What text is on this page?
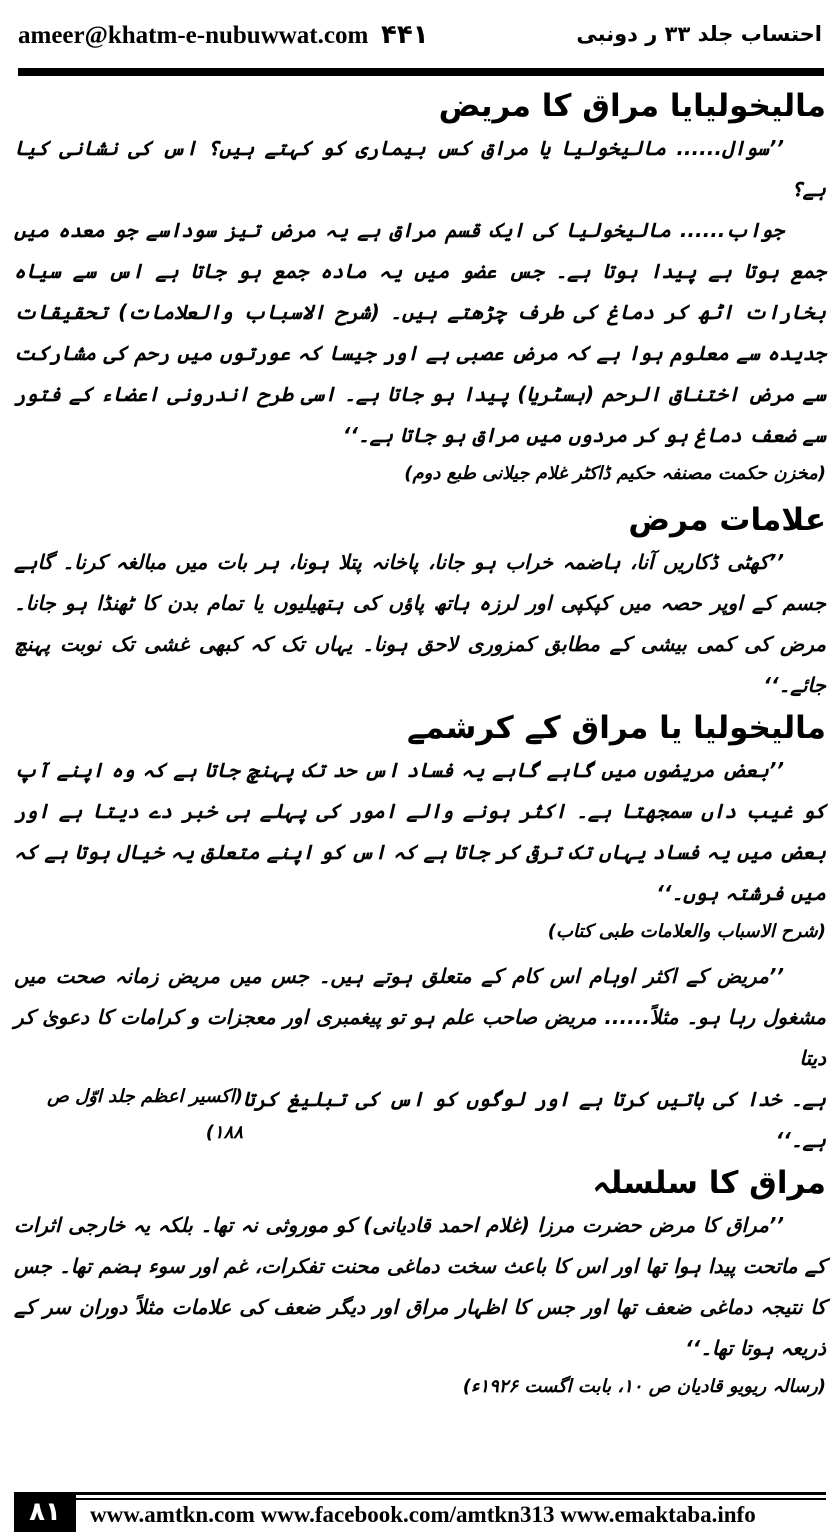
ameer@khatm-e-nubuwwat.com ۴۴۱	احتساب جلد ۳۳ ر دونبی
مالیخولیایا مراق کا مریض

’’سوال...... مالیخولیا یا مراق کس بیماری کو کہتے ہیں؟ اس کی نشانی کیا ہے؟

جواب...... مالیخولیا کی ایک قسم مراق ہے یہ مرض تیز سوداسے جو معدہ میں جمع ہوتا ہے پیدا ہوتا ہے۔ جس عضو میں یہ مادہ جمع ہو جاتا ہے اس سے سیاہ بخارات اٹھ کر دماغ کی طرف چڑھتے ہیں۔ (شرح الاسباب والعلامات) تحقیقات جدیدہ سے معلوم ہوا ہے کہ مرض عصبی ہے اور جیسا کہ عورتوں میں رحم کی مشارکت سے مرض اختناق الرحم (ہسٹریا) پیدا ہو جاتا ہے۔ اسی طرح اندرونی اعضاء کے فتور سے ضعف دماغ ہو کر مردوں میں مراق ہو جاتا ہے۔‘‘

(مخزن حکمت مصنفہ حکیم ڈاکٹر غلام جیلانی طبع دوم)

علامات مرض

’’کھٹی ڈکاریں آنا، ہاضمہ خراب ہو جانا، پاخانہ پتلا ہونا، ہر بات میں مبالغہ کرنا۔ گاہے جسم کے اوپر حصہ میں کپکپی اور لرزہ ہاتھ پاؤں کی ہتھیلیوں یا تمام بدن کا ٹھنڈا ہو جانا۔ مرض کی کمی بیشی کے مطابق کمزوری لاحق ہونا۔ یہاں تک کہ کبھی غشی تک نوبت پہنچ جائے۔‘‘

مالیخولیا یا مراق کے کرشمے

’’بعض مریضوں میں گاہے گاہے یہ فساد اس حد تک پہنچ جاتا ہے کہ وہ اپنے آپ کو غیب داں سمجھتا ہے۔ اکثر ہونے والے امور کی پہلے ہی خبر دے دیتا ہے اور بعض میں یہ فساد یہاں تک ترقی کر جاتا ہے کہ اس کو اپنے متعلق یہ خیال ہوتا ہے کہ میں فرشتہ ہوں۔‘‘

(شرح الاسباب والعلامات طبی کتاب)

’’مریض کے اکثر اوہام اس کام کے متعلق ہوتے ہیں۔ جس میں مریض زمانہ صحت میں مشغول رہا ہو۔ مثلاً...... مریض صاحب علم ہو تو پیغمبری اور معجزات و کرامات کا دعویٰ کر دیتا

ہے۔ خدا کی باتیں کرتا ہے اور لوگوں کو اس کی تبلیغ کرتا ہے۔‘‘
(اکسیر اعظم جلد اوّل ص ۱۸۸)
مراق کا سلسلہ

’’مراق کا مرض حضرت مرزا (غلام احمد قادیانی) کو موروثی نہ تھا۔ بلکہ یہ خارجی اثرات کے ماتحت پیدا ہوا تھا اور اس کا باعث سخت دماغی محنت تفکرات، غم اور سوء ہضم تھا۔ جس کا نتیجہ دماغی ضعف تھا اور جس کا اظہار مراق اور دیگر ضعف کی علامات مثلاً دوران سر کے ذریعہ ہوتا تھا۔‘‘

(رسالہ ریویو قادیان ص ۱۰، بابت اگست ۱۹۲۶ء)

۸۱	www.amtkn.com www.facebook.com/amtkn313 www.emaktaba.info
